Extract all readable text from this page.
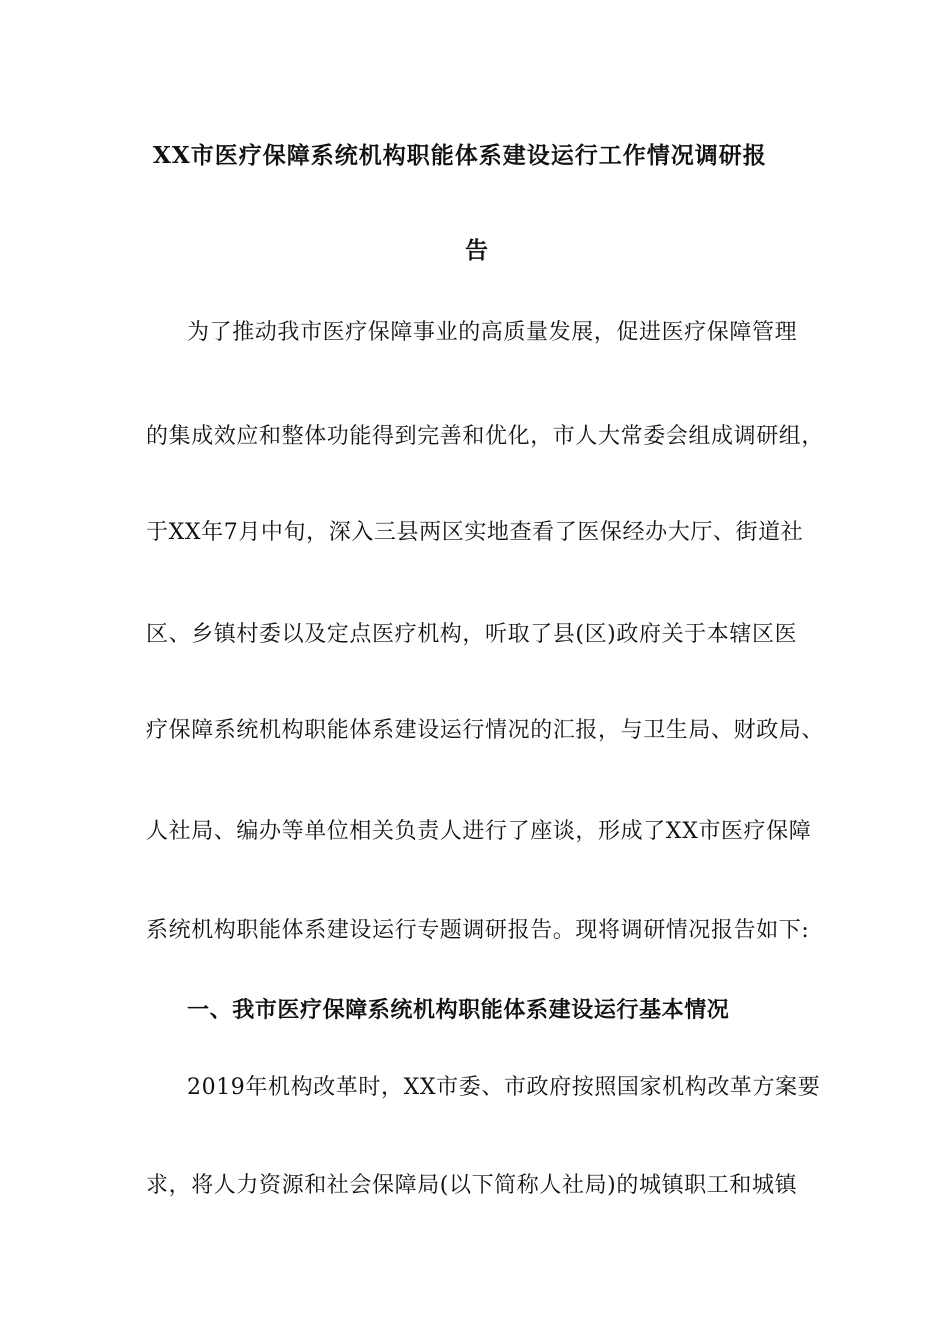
XX市医疗保障系统机构职能体系建设运行工作情况调研报
告
为了推动我市医疗保障事业的高质量发展，促进医疗保障管理
的集成效应和整体功能得到完善和优化，市人大常委会组成调研组，
于XX年7月中旬，深入三县两区实地查看了医保经办大厅、街道社
区、乡镇村委以及定点医疗机构，听取了县(区)政府关于本辖区医
疗保障系统机构职能体系建设运行情况的汇报，与卫生局、财政局、
人社局、编办等单位相关负责人进行了座谈，形成了XX市医疗保障
系统机构职能体系建设运行专题调研报告。现将调研情况报告如下:
一、我市医疗保障系统机构职能体系建设运行基本情况
2019年机构改革时，XX市委、市政府按照国家机构改革方案要
求，将人力资源和社会保障局(以下简称人社局)的城镇职工和城镇
